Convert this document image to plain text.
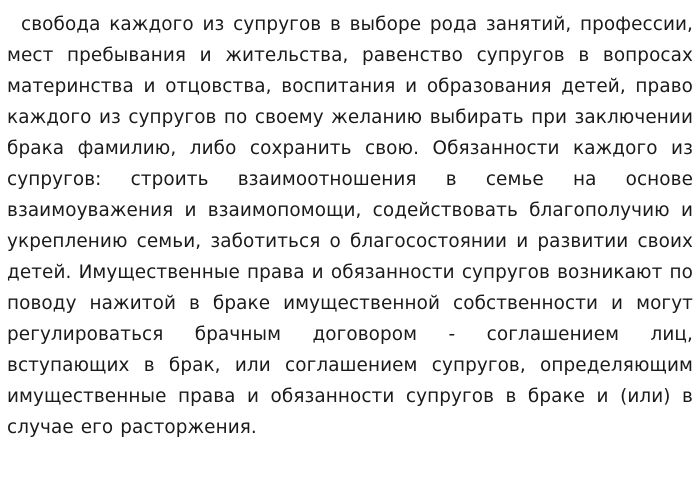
свобода каждого из супругов в выборе рода занятий, профессии, мест пребывания и жительства, равенство супругов в вопросах материнства и отцовства, воспитания и образования детей, право каждого из супругов по своему желанию выбирать при заключении брака фамилию, либо сохранить свою. Обязанности каждого из супругов: строить взаимоотношения в семье на основе взаимоуважения и взаимопомощи, содействовать благополучию и укреплению семьи, заботиться о благосостоянии и развитии своих детей. Имущественные права и обязанности супругов возникают по поводу нажитой в браке имущественной собственности и могут регулироваться брачным договором - соглашением лиц, вступающих в брак, или соглашением супругов, определяющим имущественные права и обязанности супругов в браке и (или) в случае его расторжения.
